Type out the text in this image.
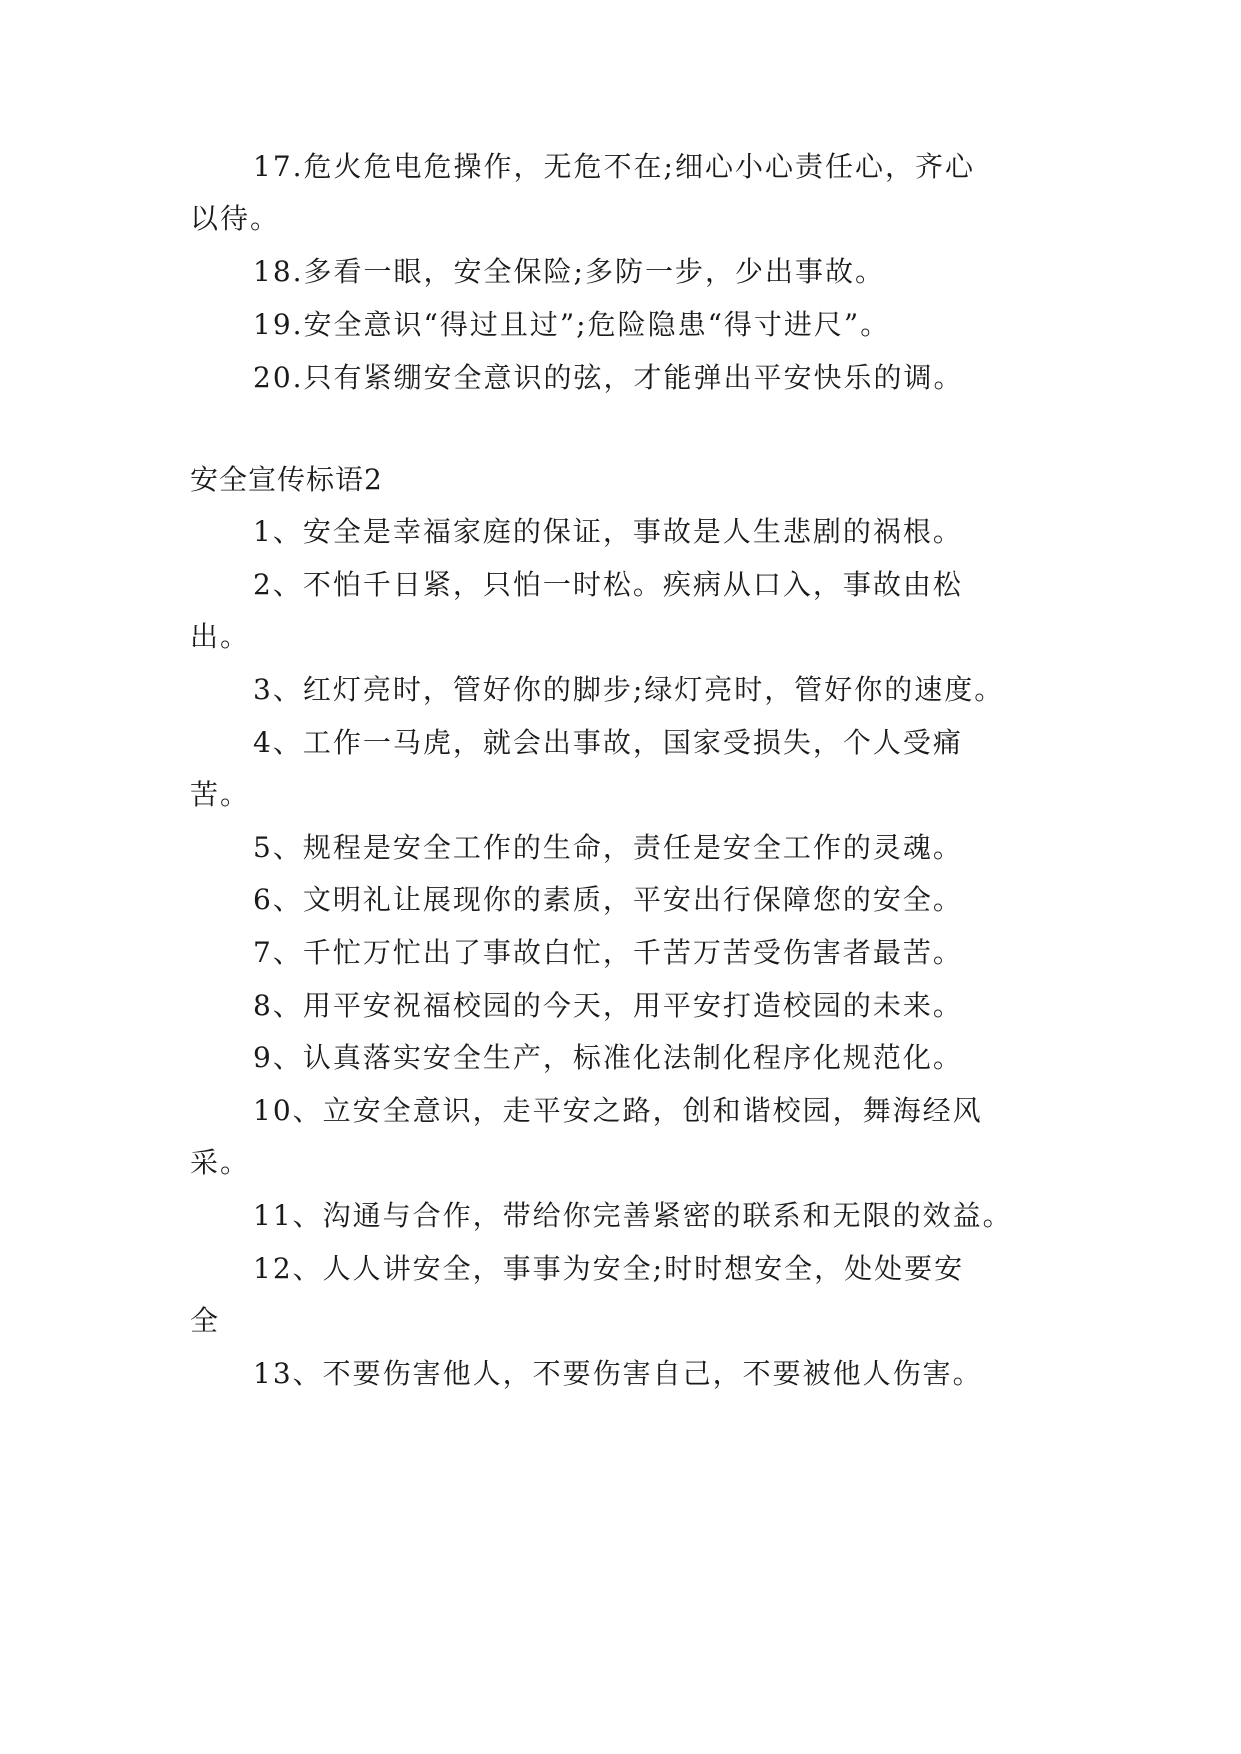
17.危火危电危操作，无危不在;细心小心责任心，齐心
以待。
18.多看一眼，安全保险;多防一步，少出事故。
19.安全意识“得过且过”;危险隐患“得寸进尺”。
20.只有紧绷安全意识的弦，才能弹出平安快乐的调。
安全宣传标语2
1、安全是幸福家庭的保证，事故是人生悲剧的祸根。
2、不怕千日紧，只怕一时松。疾病从口入，事故由松
出。
3、红灯亮时，管好你的脚步;绿灯亮时，管好你的速度。
4、工作一马虎，就会出事故，国家受损失，个人受痛
苦。
5、规程是安全工作的生命，责任是安全工作的灵魂。
6、文明礼让展现你的素质，平安出行保障您的安全。
7、千忙万忙出了事故白忙，千苦万苦受伤害者最苦。
8、用平安祝福校园的今天，用平安打造校园的未来。
9、认真落实安全生产，标准化法制化程序化规范化。
10、立安全意识，走平安之路，创和谐校园，舞海经风
采。
11、沟通与合作，带给你完善紧密的联系和无限的效益。
12、人人讲安全，事事为安全;时时想安全，处处要安
全
13、不要伤害他人，不要伤害自己，不要被他人伤害。
